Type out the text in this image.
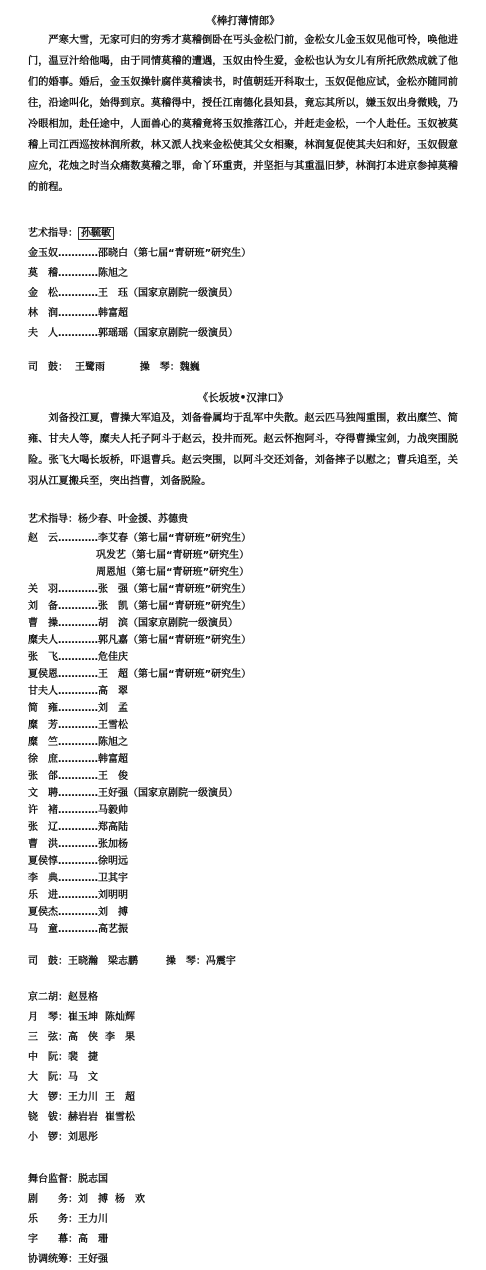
《棒打薄情郎》
严寒大雪，无家可归的穷秀才莫稽倒卧在丐头金松门前，金松女儿金玉奴见他可怜，唤他进门，温豆汁给他喝，由于同情莫稽的遭遇，玉奴由怜生爱，金松也认为女儿有所托欣然成就了他们的婚事。婚后，金玉奴操针腐伴莫稽读书，时值朝廷开科取士，玉奴促他应试，金松亦随同前往，沿途叫化，始得到京。莫稽得中，授任江南德化县知县，竟忘其所以，嫌玉奴出身微贱，乃冷眼相加，赴任途中，人面兽心的莫稽竟将玉奴推落江心，并赶走金松，一个人赴任。玉奴被莫稽上司江西巡按林润所救，林又派人找来金松使其父女相聚，林润复促使其夫妇和好，玉奴假意应允，花烛之时当众痛数莫稽之罪，命丫环重责，并坚拒与其重温旧梦，林润打本进京参掉莫稽的前程。
艺术指导： 孙毓敏
金玉奴…………邵晓白（第七届“青研班”研究生）
莫　稽…………陈旭之
金　松…………王　珏（国家京剧院一级演员）
林　润…………韩富超
夫　人…………郭瑶瑶（国家京剧院一级演员）
司　鼓：  王鹭雨          操　琴：魏巍
《长坂坡•汉津口》
刘备投江夏，曹操大军追及，刘备眷属均于乱军中失散。赵云匹马独闯重围，救出糜竺、简雍、甘夫人等，糜夫人托子阿斗于赵云，投井而死。赵云怀抱阿斗，夺得曹操宝剑，力战突围脱险。张飞大喝长坂桥，吓退曹兵。赵云突围，以阿斗交还刘备，刘备摔子以慰之；曹兵追至，关羽从江夏搬兵至，突出挡曹，刘备脱险。
艺术指导：杨少春、叶金援、苏德贵
赵　云…………李艾春（第七届“青研班”研究生）
巩发艺（第七届“青研班”研究生）
周恩旭（第七届“青研班”研究生）
关　羽…………张　强（第七届“青研班”研究生）
刘　备…………张　凯（第七届“青研班”研究生）
曹　操…………胡　滨（国家京剧院一级演员）
糜夫人…………郭凡嘉（第七届“青研班”研究生）
张　飞…………危佳庆
夏侯恩…………王　超（第七届“青研班”研究生）
甘夫人…………高　翠
简　雍…………刘　孟
糜　芳…………王雪松
糜　竺…………陈旭之
徐　庶…………韩富超
张　郃…………王　俊
文　聘…………王好强（国家京剧院一级演员）
许　褚…………马毅帅
张　辽…………郑高陆
曹　洪…………张加杨
夏侯惇…………徐明远
李　典…………卫其宇
乐　进…………刘明明
夏侯杰…………刘　搏
马　童…………高艺振
司　鼓：王晓瀚　梁志鹏        操　琴：冯震宇
京二胡：赵昱格
月　琴：崔玉坤  陈灿辉
三　弦：高　侠  李　果
中　阮：裴　捷
大　阮：马　文
大　锣：王力川  王　超
铙　钹：赫岩岩  崔雪松
小　锣：刘思彤
舞台监督：脱志国
剧　　务：刘　搏  杨　欢
乐　　务：王力川
字　　幕：高　珊
协调统筹：王好强
